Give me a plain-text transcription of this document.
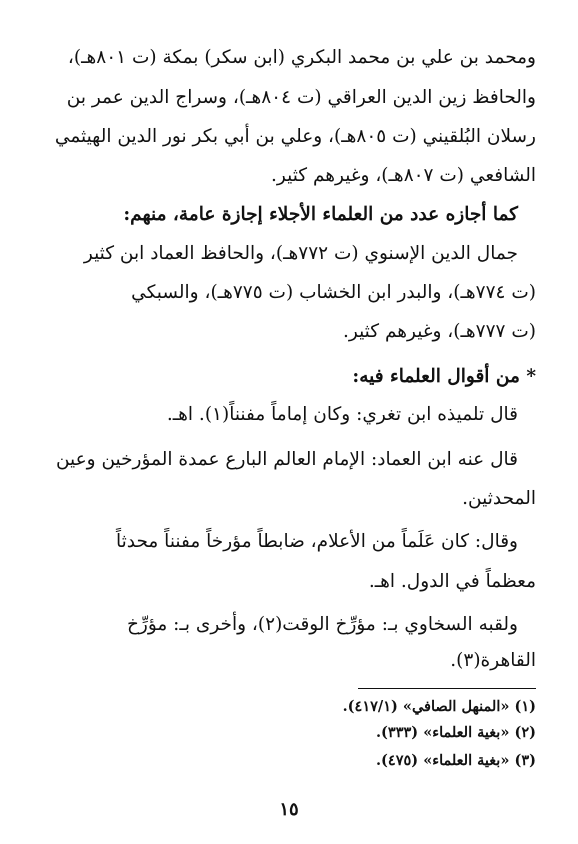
ومحمد بن علي بن محمد البكري (ابن سكر) بمكة (ت ٨٠١هـ)،
والحافظ زين الدين العراقي (ت ٨٠٤هـ)، وسراج الدين عمر بن
رسلان البُلقيني (ت ٨٠٥هـ)، وعلي بن أبي بكر نور الدين الهيثمي
الشافعي (ت ٨٠٧هـ)، وغيرهم كثير.
كما أجازه عدد من العلماء الأجلاء إجازة عامة، منهم:
جمال الدين الإسنوي (ت ٧٧٢هـ)، والحافظ العماد ابن كثير
(ت ٧٧٤هـ)، والبدر ابن الخشاب (ت ٧٧٥هـ)، والسبكي
(ت ٧٧٧هـ)، وغيرهم كثير.
* من أقوال العلماء فيه:
قال تلميذه ابن تغري: وكان إماماً مفنناً(١). اهـ.
قال عنه ابن العماد: الإمام العالم البارع عمدة المؤرخين وعين
المحدثين.
وقال: كان عَلَماً من الأعلام، ضابطاً مؤرخاً مفنناً محدثاً
معظماً في الدول. اهـ.
ولقبه السخاوي بـ: مؤرِّخ الوقت(٢)، وأخرى بـ: مؤرِّخ
القاهرة(٣).
(١) «المنهل الصافي» (٤١٧/١).
(٢) «بغية العلماء» (٣٣٣).
(٣) «بغية العلماء» (٤٧٥).
١٥
